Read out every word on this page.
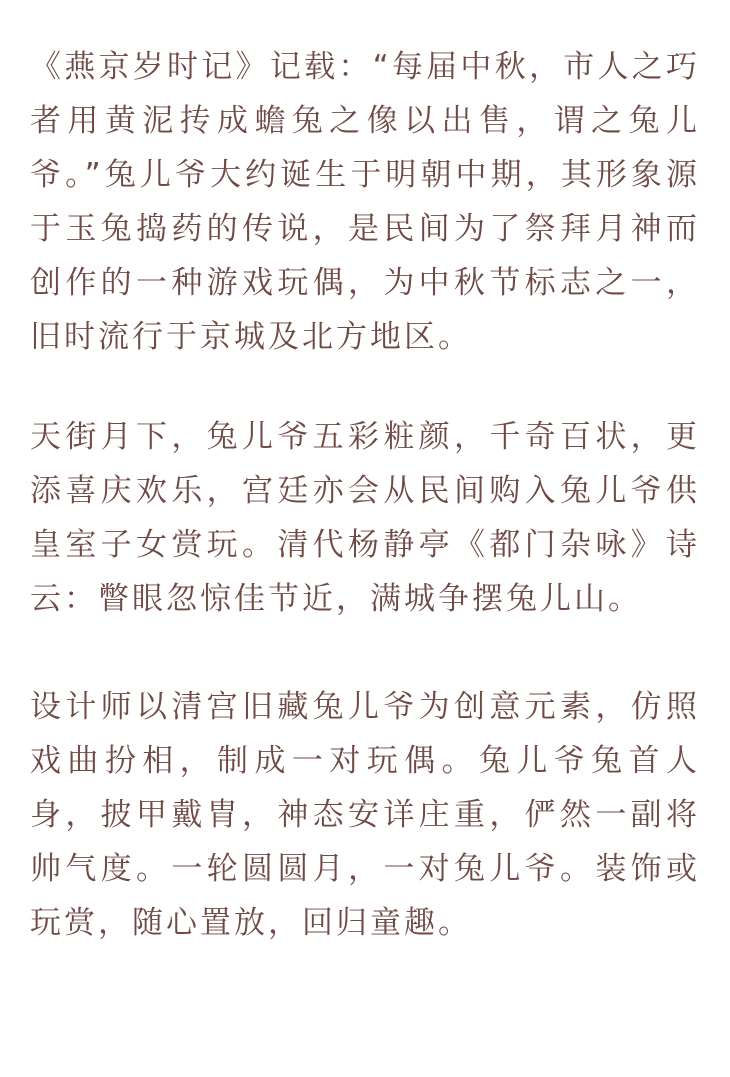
《燕京岁时记》记载：“每届中秋，市人之巧者用黄泥抟成蟾兔之像以出售，谓之兔儿爷。”兔儿爷大约诞生于明朝中期，其形象源于玉兔捣药的传说，是民间为了祭拜月神而创作的一种游戏玩偶，为中秋节标志之一，旧时流行于京城及北方地区。

天街月下，兔儿爷五彩粧颜，千奇百状，更添喜庆欢乐，宫廷亦会从民间购入兔儿爷供皇室子女赏玩。清代杨静亭《都门杂咏》诗云：瞥眼忽惊佳节近，满城争摆兔儿山。

设计师以清宫旧藏兔儿爷为创意元素，仿照戏曲扮相，制成一对玩偶。兔儿爷兔首人身，披甲戴胄，神态安详庄重，俨然一副将帅气度。一轮圆圆月，一对兔儿爷。装饰或玩赏，随心置放，回归童趣。
